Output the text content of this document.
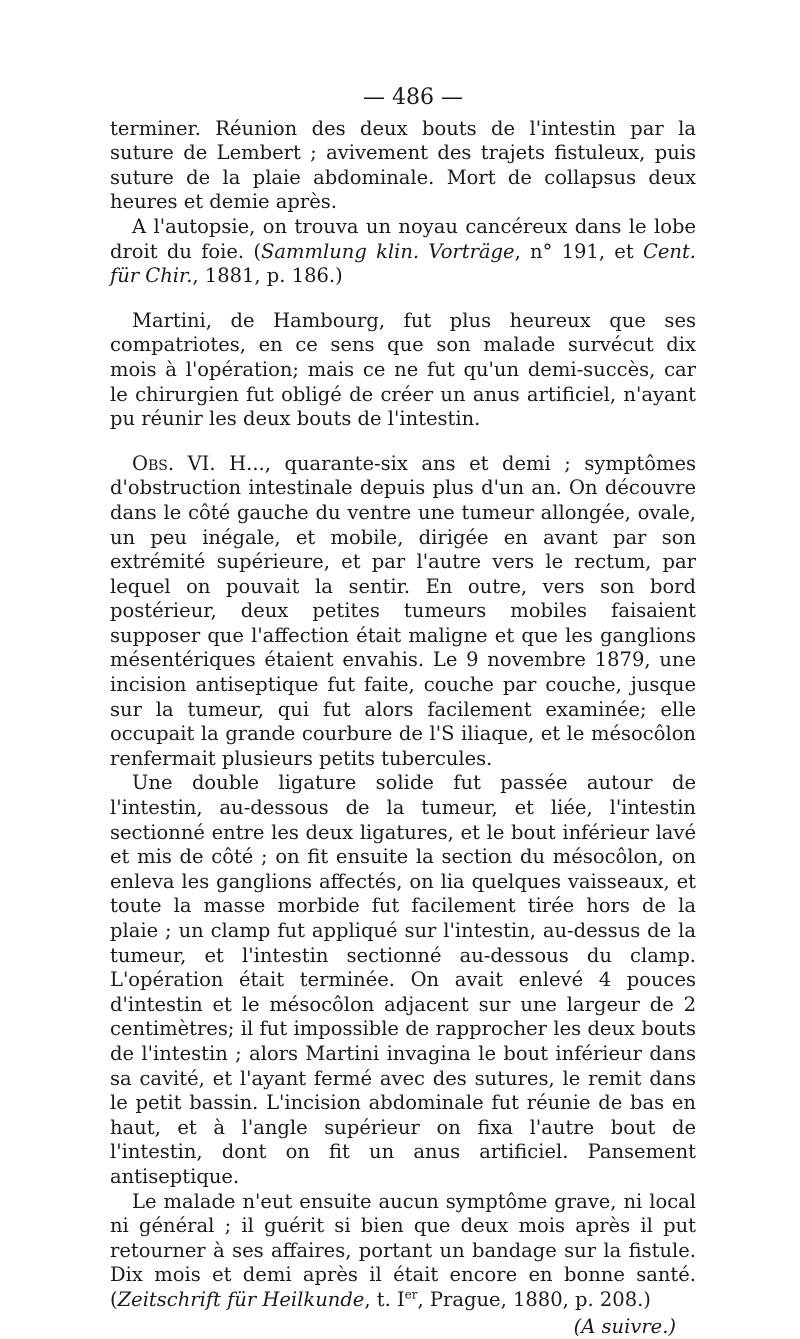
— 486 —

terminer. Réunion des deux bouts de l'intestin par la suture de Lembert ; avivement des trajets fistuleux, puis suture de la plaie abdominale. Mort de collapsus deux heures et demie après.

A l'autopsie, on trouva un noyau cancéreux dans le lobe droit du foie. (Sammlung klin. Vorträge, n° 191, et Cent. für Chir., 1881, p. 186.)

Martini, de Hambourg, fut plus heureux que ses compatriotes, en ce sens que son malade survécut dix mois à l'opération; mais ce ne fut qu'un demi-succès, car le chirurgien fut obligé de créer un anus artificiel, n'ayant pu réunir les deux bouts de l'intestin.

Obs. VI. H..., quarante-six ans et demi ; symptômes d'obstruction intestinale depuis plus d'un an. On découvre dans le côté gauche du ventre une tumeur allongée, ovale, un peu inégale, et mobile, dirigée en avant par son extrémité supérieure, et par l'autre vers le rectum, par lequel on pouvait la sentir. En outre, vers son bord postérieur, deux petites tumeurs mobiles faisaient supposer que l'affection était maligne et que les ganglions mésentériques étaient envahis. Le 9 novembre 1879, une incision antiseptique fut faite, couche par couche, jusque sur la tumeur, qui fut alors facilement examinée; elle occupait la grande courbure de l'S iliaque, et le mésocôlon renfermait plusieurs petits tubercules.

Une double ligature solide fut passée autour de l'intestin, au-dessous de la tumeur, et liée, l'intestin sectionné entre les deux ligatures, et le bout inférieur lavé et mis de côté ; on fit ensuite la section du mésocôlon, on enleva les ganglions affectés, on lia quelques vaisseaux, et toute la masse morbide fut facilement tirée hors de la plaie ; un clamp fut appliqué sur l'intestin, au-dessus de la tumeur, et l'intestin sectionné au-dessous du clamp. L'opération était terminée. On avait enlevé 4 pouces d'intestin et le mésocôlon adjacent sur une largeur de 2 centimètres; il fut impossible de rapprocher les deux bouts de l'intestin ; alors Martini invagina le bout inférieur dans sa cavité, et l'ayant fermé avec des sutures, le remit dans le petit bassin. L'incision abdominale fut réunie de bas en haut, et à l'angle supérieur on fixa l'autre bout de l'intestin, dont on fit un anus artificiel. Pansement antiseptique.

Le malade n'eut ensuite aucun symptôme grave, ni local ni général ; il guérit si bien que deux mois après il put retourner à ses affaires, portant un bandage sur la fistule. Dix mois et demi après il était encore en bonne santé. (Zeitschrift für Heilkunde, t. Ier, Prague, 1880, p. 208.)

(A suivre.)
